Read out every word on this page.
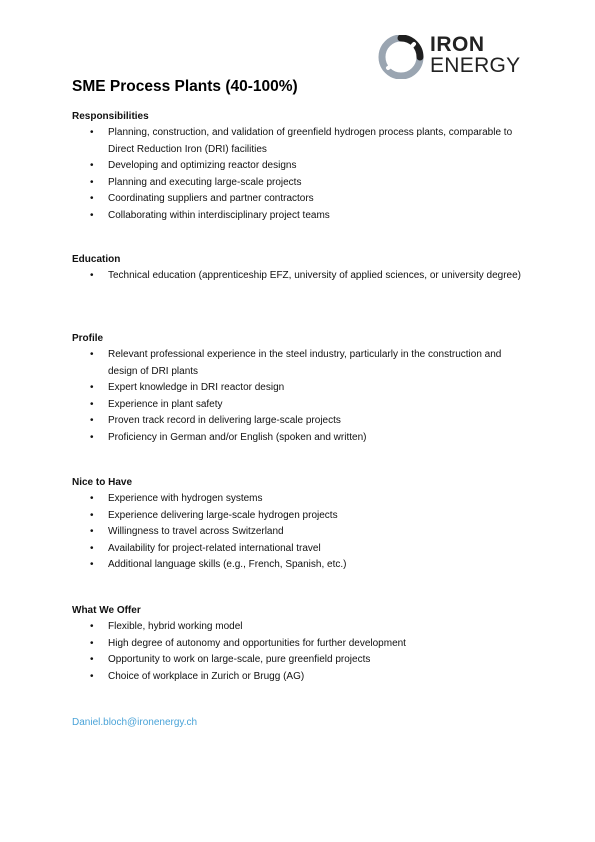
IRON
ENERGY
SME Process Plants (40-100%)
Responsibilities
• Planning, construction, and validation of greenfield hydrogen process plants, comparable to Direct Reduction Iron (DRI) facilities
• Developing and optimizing reactor designs
• Planning and executing large-scale projects
• Coordinating suppliers and partner contractors
• Collaborating within interdisciplinary project teams
Education
• Technical education (apprenticeship EFZ, university of applied sciences, or university degree)
Profile
• Relevant professional experience in the steel industry, particularly in the construction and design of DRI plants
• Expert knowledge in DRI reactor design
• Experience in plant safety
• Proven track record in delivering large-scale projects
• Proficiency in German and/or English (spoken and written)
Nice to Have
• Experience with hydrogen systems
• Experience delivering large-scale hydrogen projects
• Willingness to travel across Switzerland
• Availability for project-related international travel
• Additional language skills (e.g., French, Spanish, etc.)
What We Offer
• Flexible, hybrid working model
• High degree of autonomy and opportunities for further development
• Opportunity to work on large-scale, pure greenfield projects
• Choice of workplace in Zurich or Brugg (AG)
Daniel.bloch@ironenergy.ch
